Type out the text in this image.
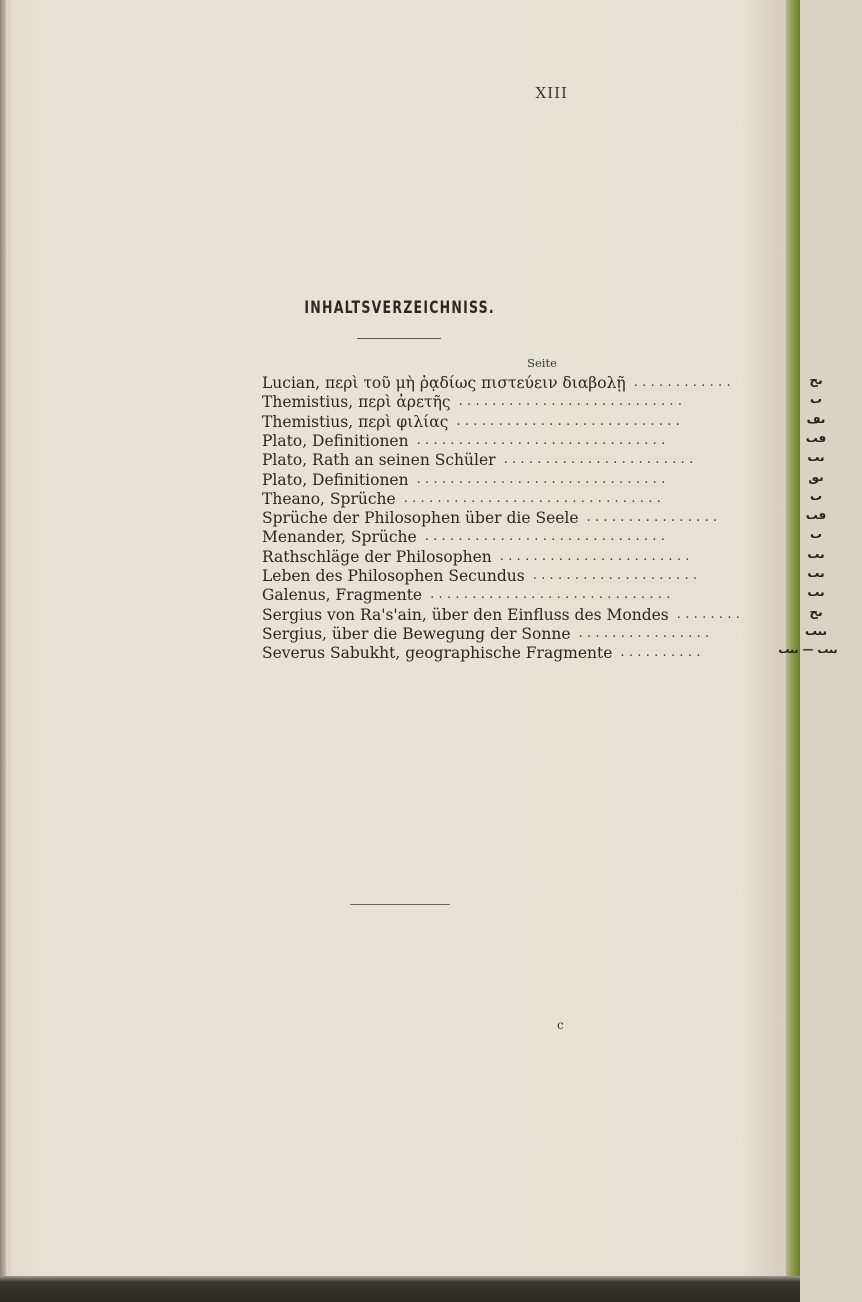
XIII
INHALTSVERZEICHNISS.
Seite
Lucian, περὶ τοῦ μὴ ῥᾳδίως πιστεύειν διαβολῇ ............	ٮح
Themistius, περὶ ἀρετῆς ...........................	ٮ
Themistius, περὶ φιλίας ...........................	ٮڡ
Plato, Definitionen ..............................	ٯٮ
Plato, Rath an seinen Schüler .......................	ٮٮ
Plato, Definitionen ..............................	ٮٯ
Theano, Sprüche ...............................	ٮ
Sprüche der Philosophen über die Seele ................	ٯٮ
Menander, Sprüche .............................	ٮ
Rathschläge der Philosophen .......................	ٮٮ
Leben des Philosophen Secundus ....................	ٮٮ
Galenus, Fragmente .............................	ٮٮ
Sergius von Ra's'ain, über den Einfluss des Mondes ........	ٮح
Sergius, über die Bewegung der Sonne ................	ٮٮٮ
Severus Sabukht, geographische Fragmente ..........	ٮٮٮ — ٮٮٮ
c
